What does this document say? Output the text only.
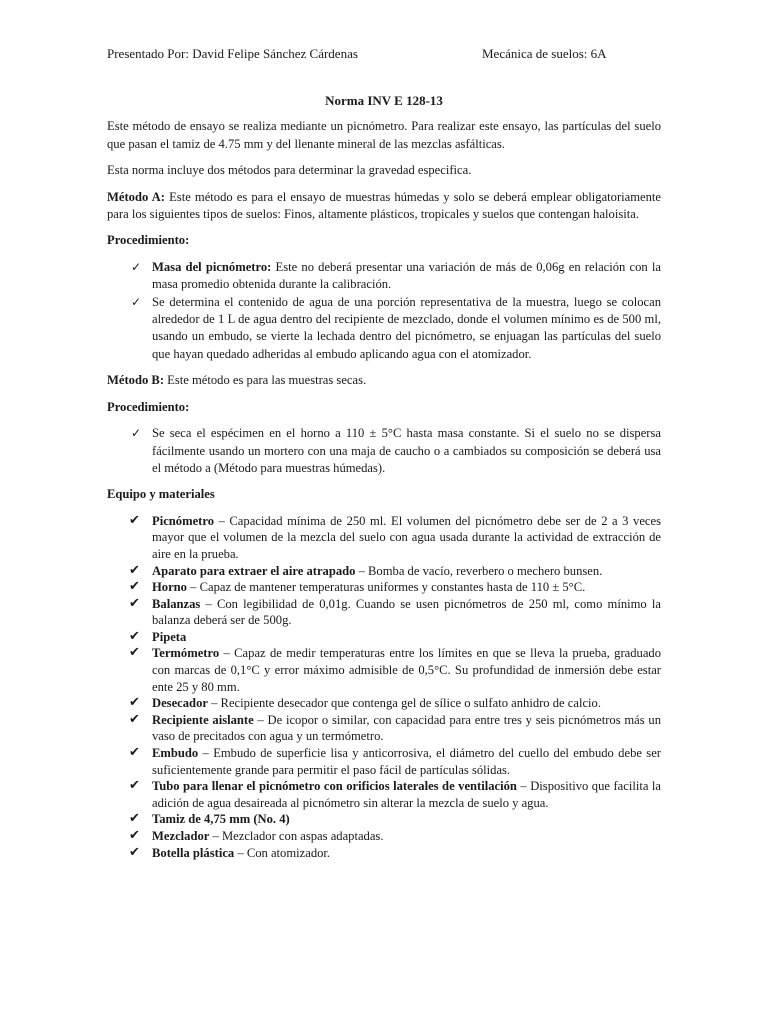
Presentado Por: David Felipe Sánchez Cárdenas	Mecánica de suelos: 6A
Norma INV E 128-13

Este método de ensayo se realiza mediante un picnómetro. Para realizar este ensayo, las partículas del suelo que pasan el tamiz de 4.75 mm y del llenante mineral de las mezclas asfálticas.

Esta norma incluye dos métodos para determinar la gravedad especifica.

Método A: Este método es para el ensayo de muestras húmedas y solo se deberá emplear obligatoriamente para los siguientes tipos de suelos: Finos, altamente plásticos, tropicales y suelos que contengan haloisita.

Procedimiento:
✓ Masa del picnómetro: Este no deberá presentar una variación de más de 0,06g en relación con la masa promedio obtenida durante la calibración.
✓ Se determina el contenido de agua de una porción representativa de la muestra, luego se colocan alrededor de 1 L de agua dentro del recipiente de mezclado, donde el volumen mínimo es de 500 ml, usando un embudo, se vierte la lechada dentro del picnómetro, se enjuagan las partículas del suelo que hayan quedado adheridas al embudo aplicando agua con el atomizador.

Método B: Este método es para las muestras secas.

Procedimiento:
✓ Se seca el espécimen en el horno a 110 ± 5°C hasta masa constante. Si el suelo no se dispersa fácilmente usando un mortero con una maja de caucho o a cambiados su composición se deberá usa el método a (Método para muestras húmedas).
Equipo y materiales
✔ Picnómetro – Capacidad mínima de 250 ml. El volumen del picnómetro debe ser de 2 a 3 veces mayor que el volumen de la mezcla del suelo con agua usada durante la actividad de extracción de aire en la prueba.
✔ Aparato para extraer el aire atrapado – Bomba de vacío, reverbero o mechero bunsen.
✔ Horno – Capaz de mantener temperaturas uniformes y constantes hasta de 110 ± 5°C.
✔ Balanzas – Con legibilidad de 0,01g. Cuando se usen picnómetros de 250 ml, como mínimo la balanza deberá ser de 500g.
✔ Pipeta
✔ Termómetro – Capaz de medir temperaturas entre los límites en que se lleva la prueba, graduado con marcas de 0,1°C y error máximo admisible de 0,5°C. Su profundidad de inmersión debe estar ente 25 y 80 mm.
✔ Desecador – Recipiente desecador que contenga gel de sílice o sulfato anhidro de calcio.
✔ Recipiente aislante – De icopor o similar, con capacidad para entre tres y seis picnómetros más un vaso de precitados con agua y un termómetro.
✔ Embudo – Embudo de superficie lisa y anticorrosiva, el diámetro del cuello del embudo debe ser suficientemente grande para permitir el paso fácil de partículas sólidas.
✔ Tubo para llenar el picnómetro con orificios laterales de ventilación – Dispositivo que facilita la adición de agua desaireada al picnómetro sin alterar la mezcla de suelo y agua.
✔ Tamiz de 4,75 mm (No. 4)
✔ Mezclador – Mezclador con aspas adaptadas.
✔ Botella plástica – Con atomizador.
